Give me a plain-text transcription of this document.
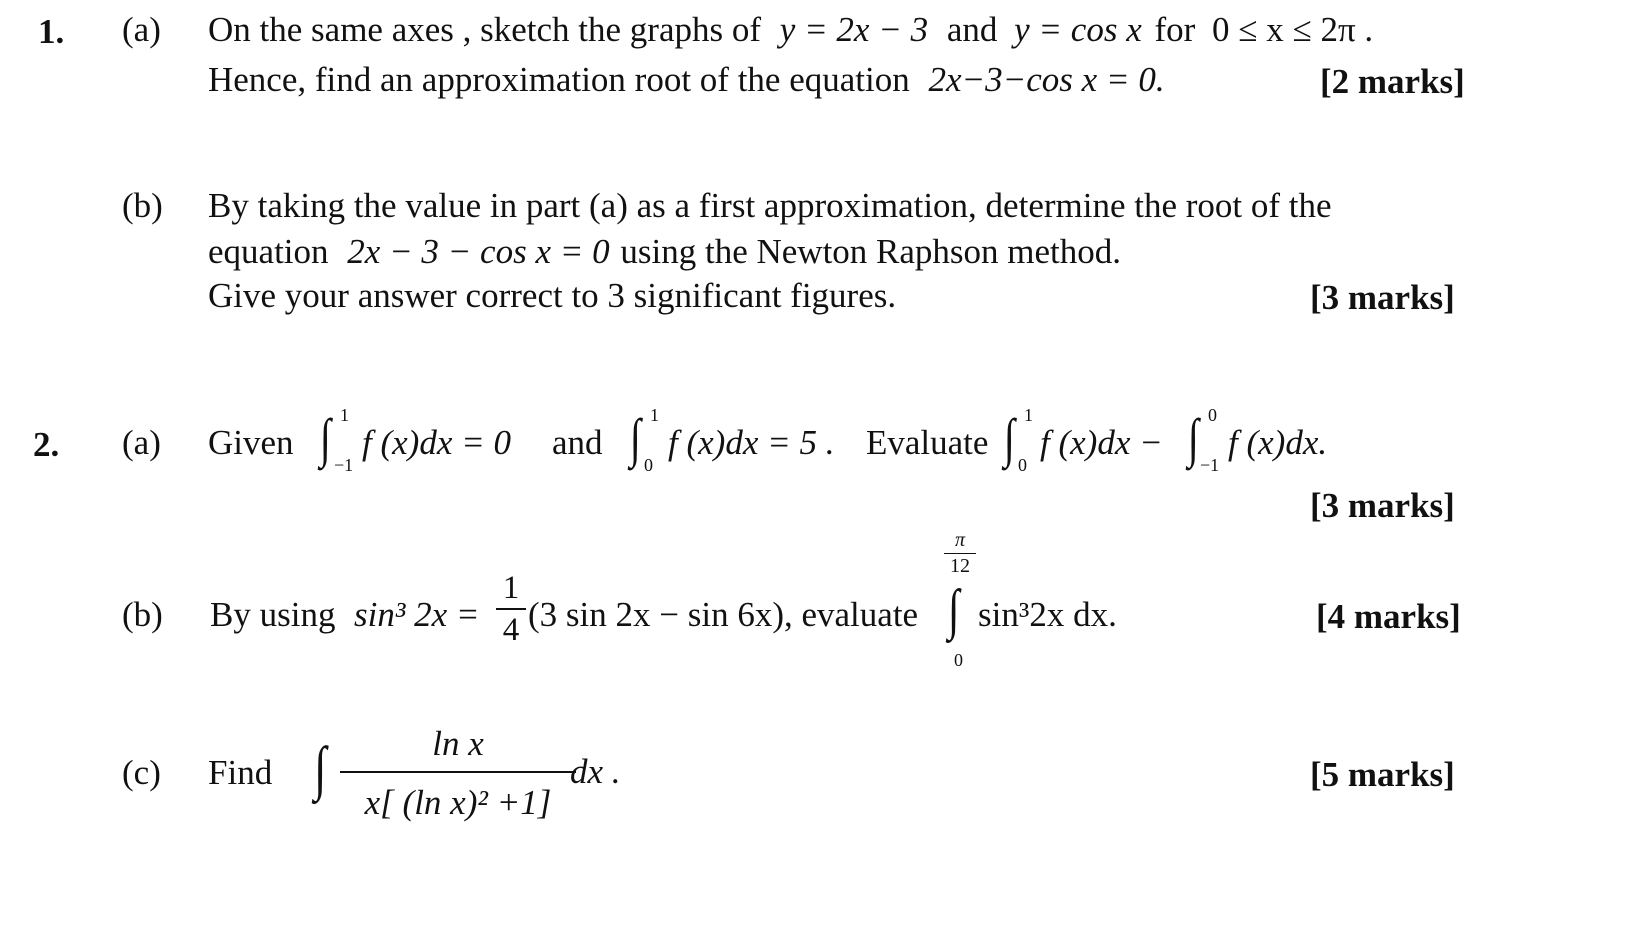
1. (a) On the same axes , sketch the graphs of y = 2x − 3 and y = cos x for 0 ≤ x ≤ 2π .
Hence, find an approximation root of the equation 2x−3−cos x = 0.	[2 marks]
(b) By taking the value in part (a) as a first approximation, determine the root of the
equation 2x − 3 − cos x = 0 using the Newton Raphson method.
Give your answer correct to 3 significant figures.	[3 marks]
2. (a) Given ∫ 1
−1
f (x)dx = 0 and ∫ 1
0
f (x)dx = 5 . Evaluate ∫ 1
0
f (x)dx − ∫ 0
−1
f (x)dx.
[3 marks]
(b) By using sin³ 2x =
1
4 (3 sin 2x − sin 6x), evaluate
π
12
∫
0
sin³2x dx.	[4 marks]
(c) Find ∫	ln x
x[ (ln x)² +1]
dx .	[5 marks]
